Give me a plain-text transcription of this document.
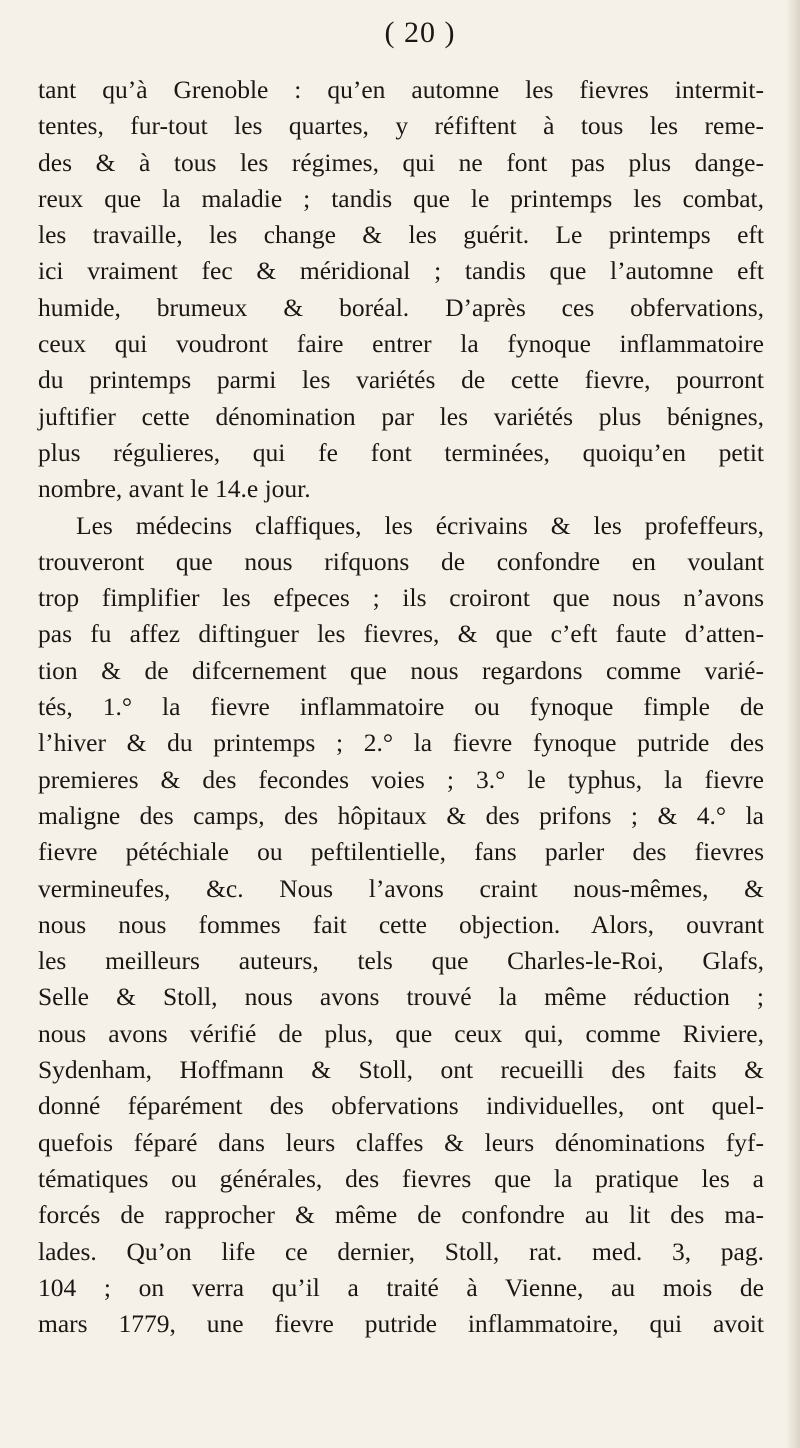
( 20 )
tant qu’à Grenoble : qu’en automne les fievres intermit-
tentes, fur-tout les quartes, y réfiftent à tous les reme-
des & à tous les régimes, qui ne font pas plus dange-
reux que la maladie ; tandis que le printemps les combat,
les travaille, les change & les guérit. Le printemps eft
ici vraiment fec & méridional ; tandis que l’automne eft
humide, brumeux & boréal. D’après ces obfervations,
ceux qui voudront faire entrer la fynoque inflammatoire
du printemps parmi les variétés de cette fievre, pourront
juftifier cette dénomination par les variétés plus bénignes,
plus régulieres, qui fe font terminées, quoiqu’en petit
nombre, avant le 14.e jour.
Les médecins claffiques, les écrivains & les profeffeurs,
trouveront que nous rifquons de confondre en voulant
trop fimplifier les efpeces ; ils croiront que nous n’avons
pas fu affez diftinguer les fievres, & que c’eft faute d’atten-
tion & de difcernement que nous regardons comme varié-
tés, 1.° la fievre inflammatoire ou fynoque fimple de
l’hiver & du printemps ; 2.° la fievre fynoque putride des
premieres & des fecondes voies ; 3.° le typhus, la fievre
maligne des camps, des hôpitaux & des prifons ; & 4.° la
fievre pétéchiale ou peftilentielle, fans parler des fievres
vermineufes, &c. Nous l’avons craint nous-mêmes, &
nous nous fommes fait cette objection. Alors, ouvrant
les meilleurs auteurs, tels que Charles-le-Roi, Glafs,
Selle & Stoll, nous avons trouvé la même réduction ;
nous avons vérifié de plus, que ceux qui, comme Riviere,
Sydenham, Hoffmann & Stoll, ont recueilli des faits &
donné féparément des obfervations individuelles, ont quel-
quefois féparé dans leurs claffes & leurs dénominations fyf-
tématiques ou générales, des fievres que la pratique les a
forcés de rapprocher & même de confondre au lit des ma-
lades. Qu’on life ce dernier, Stoll, rat. med. 3, pag.
104 ; on verra qu’il a traité à Vienne, au mois de
mars 1779, une fievre putride inflammatoire, qui avoit
